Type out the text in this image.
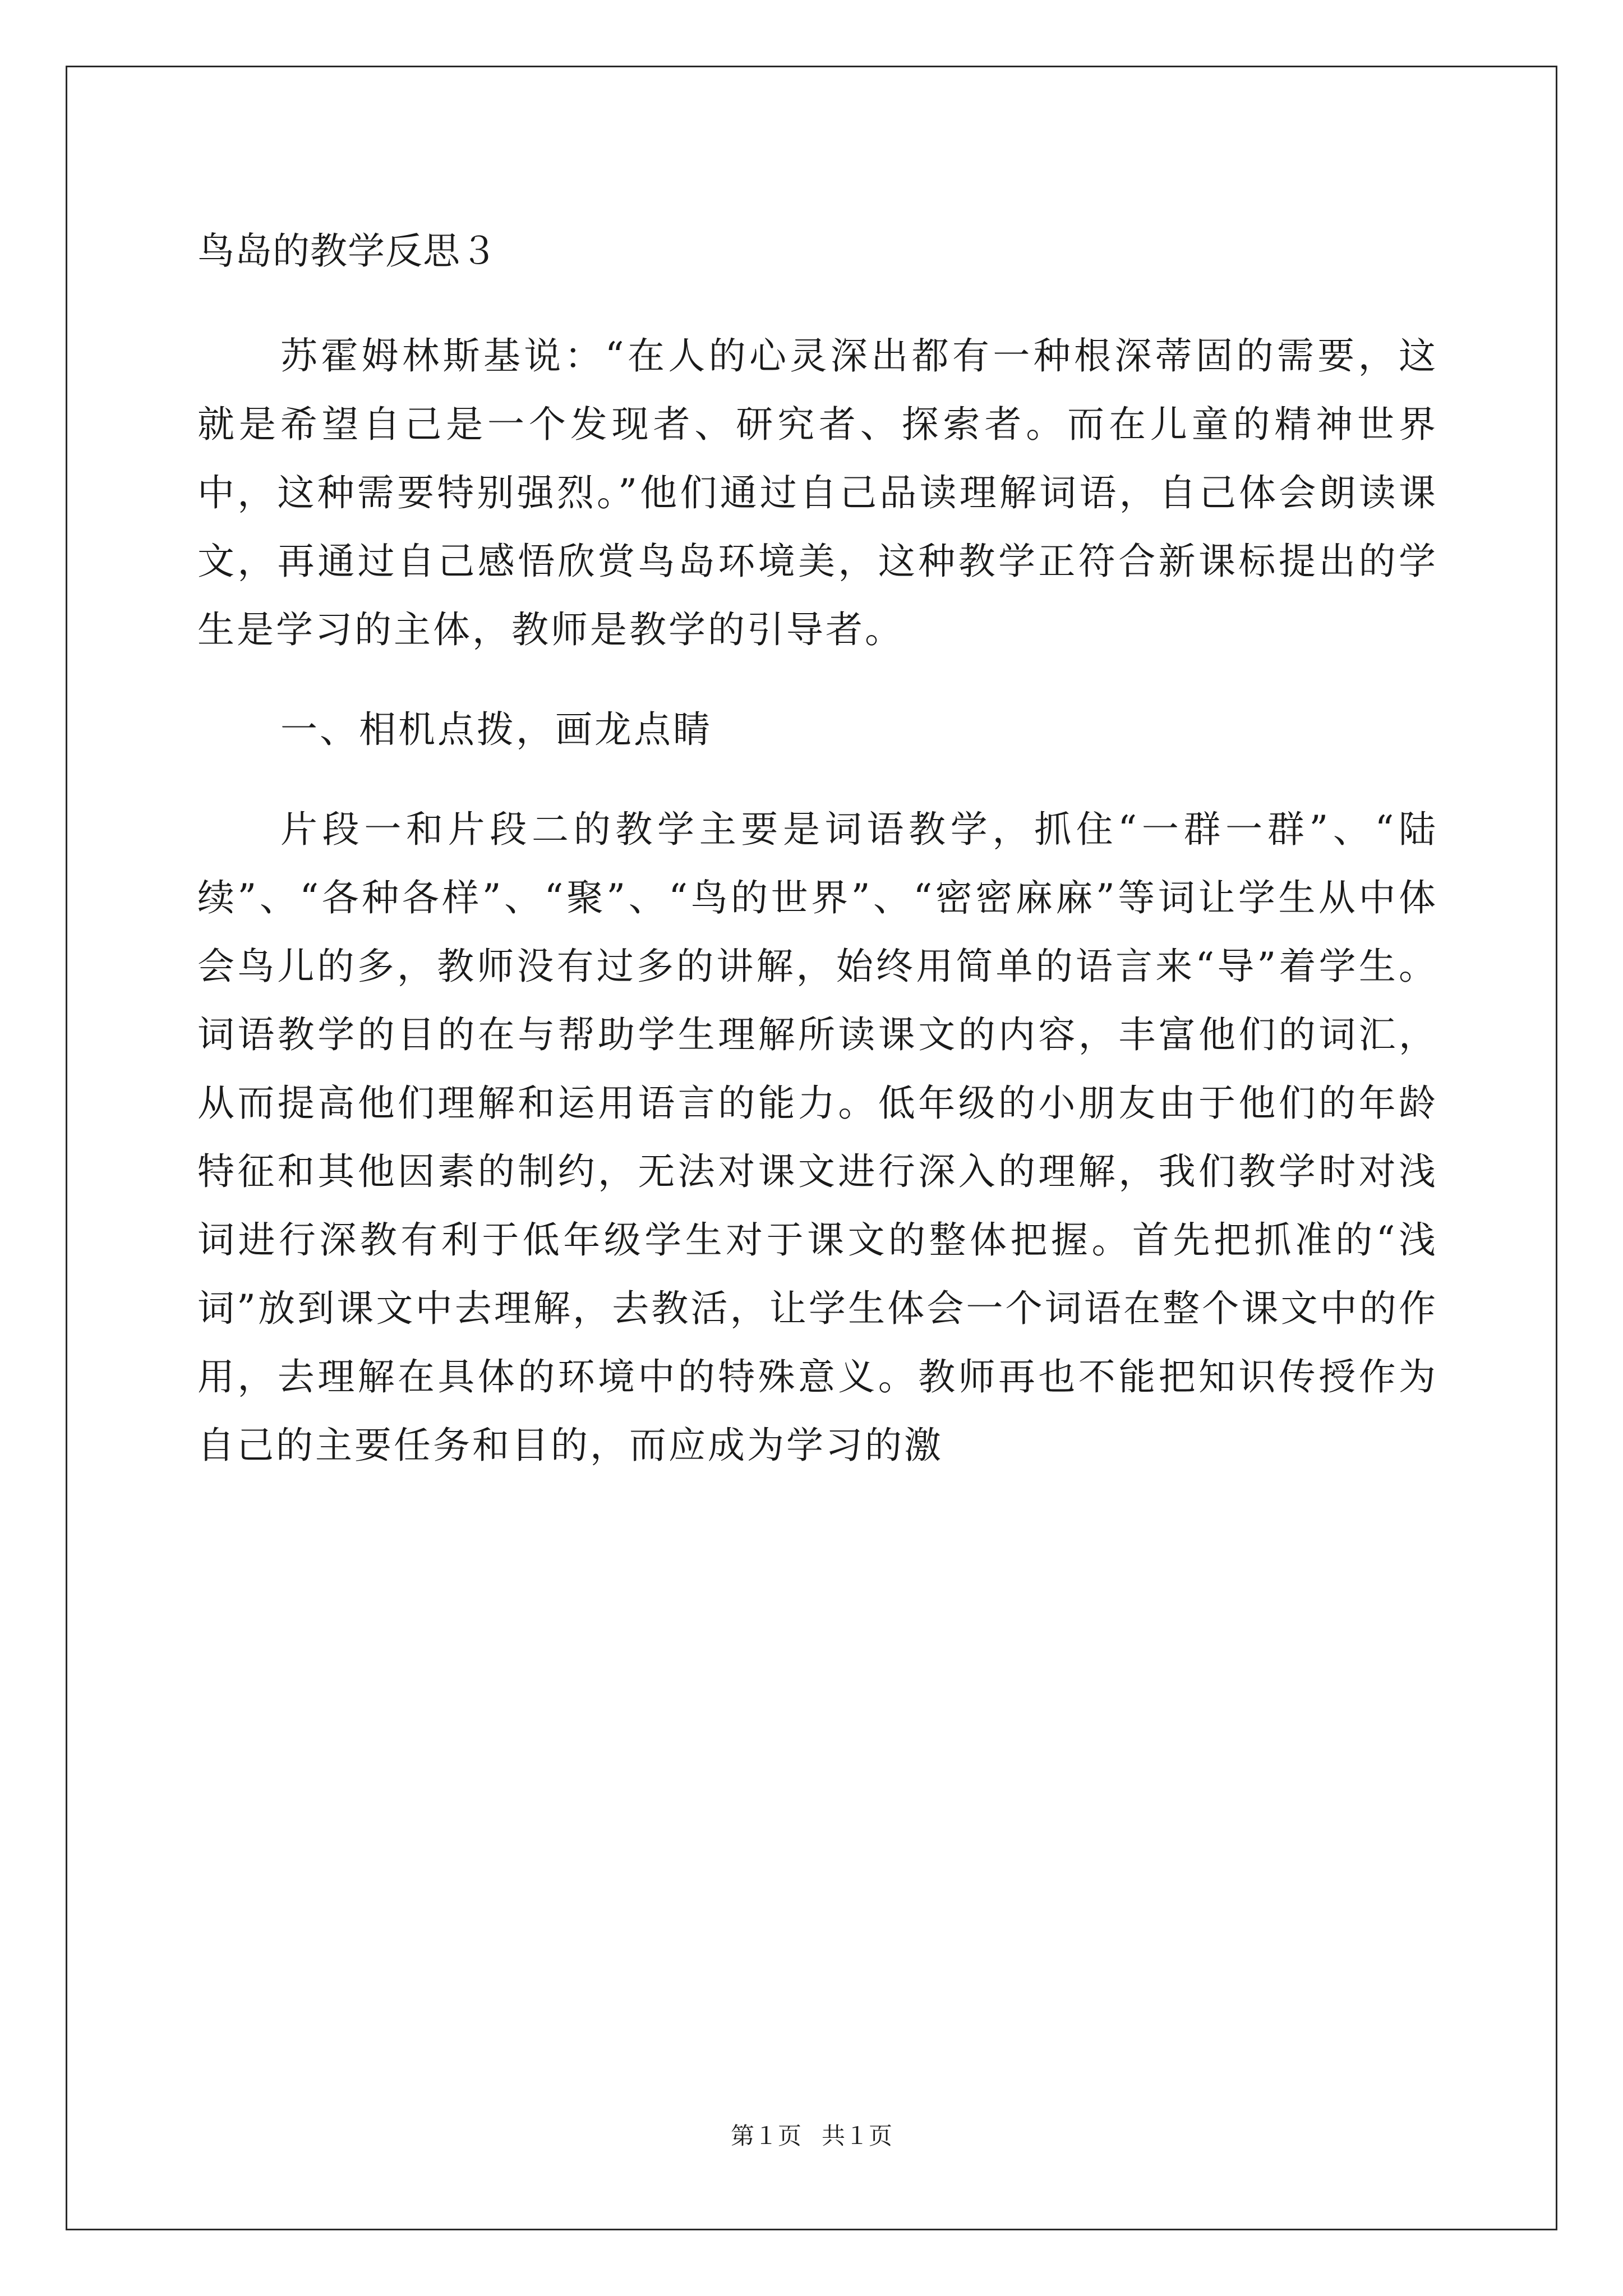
鸟岛的教学反思３

苏霍姆林斯基说：“在人的心灵深出都有一种根深蒂固的需要，这就是希望自己是一个发现者、研究者、探索者。而在儿童的精神世界中，这种需要特别强烈。”他们通过自己品读理解词语，自己体会朗读课文，再通过自己感悟欣赏鸟岛环境美，这种教学正符合新课标提出的学生是学习的主体，教师是教学的引导者。

一、相机点拨，画龙点睛

片段一和片段二的教学主要是词语教学，抓住“一群一群”、“陆续”、“各种各样”、“聚”、“鸟的世界”、“密密麻麻”等词让学生从中体会鸟儿的多，教师没有过多的讲解，始终用简单的语言来“导”着学生。词语教学的目的在与帮助学生理解所读课文的内容，丰富他们的词汇，从而提高他们理解和运用语言的能力。低年级的小朋友由于他们的年龄特征和其他因素的制约，无法对课文进行深入的理解，我们教学时对浅词进行深教有利于低年级学生对于课文的整体把握。首先把抓准的“浅词”放到课文中去理解，去教活，让学生体会一个词语在整个课文中的作用，去理解在具体的环境中的特殊意义。教师再也不能把知识传授作为自己的主要任务和目的，而应成为学习的激

第１页 共１页
